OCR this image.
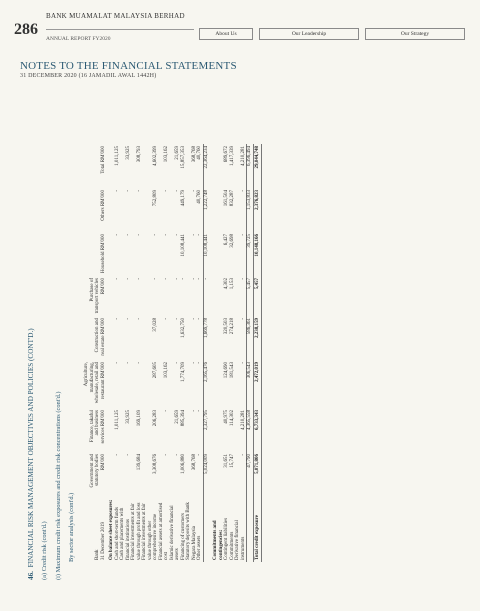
286
BANK MUAMALAT MALAYSIA BERHAD
ANNUAL REPORT FY2020
About Us	Our Leadership	Our Strategy
NOTES TO THE FINANCIAL STATEMENTS
31 DECEMBER 2020 (16 JAMADIL AWAL 1442H)
46.  FINANCIAL RISK MANAGEMENT OBJECTIVES AND POLICIES (CONT'D.) (a) Credit risk (cont'd.) (i) Maximum credit risk exposures and credit risk concentrations (cont'd.) By sector analysis (cont'd.)	Bank 31 December 2019	Government and statutory bodies RM'000	Finance, takaful and business services RM'000	Agriculture, manufacturing, wholesale, retail and restaurant RM'000	Construction and real estate RM'000	Purchase of transport vehicles RM'000	Household RM'000	Others RM'000	Total RM'000
On balance sheet exposures:								
Cash and short-term funds	-	1,011,125	-	-	-	-	-	1,011,125
Cash and placements with financial institutions	-	33,925	-	-	-	-	-	33,925
Financial investments at fair value through profit and loss	139,684	169,109	-	-	-	-	-	308,793
Financial investments at fair value through other comprehensive income	3,308,676	206,283	287,605	37,028	-	-	752,809	4,602,399
Financial assets at amortised cost	-	-	103,162	-	-	-	-	103,162
Islamic derivative financial assets	-	21,659	-	-	-	-	-	21,659
Financing of customers	1,006,880	885,394	1,774,709	1,632,750	-	10,108,441	449,179	15,857,353
Statutory deposits with Bank Negara Malaysia	368,768	-	-	-	-	-	-	368,768
Other assets	-	-	-	-	-	-	40,760	40,760
	5,024,009	2,327,795	2,165,476	1,669,778	-	10,108,441	1,222,748	22,364,234

Commitments and contingencies:								
Contingent liabilities	31,651	40,975	124,690	320,503	4,302	6,427	161,504	689,672
Commitments	15,747	114,302	181,543	274,218	1,153	32,698	832,287	1,417,339
Derivative financial instruments	-	4,210,281	-	-	-	-	-	4,210,281
	47,790	4,365,558	306,543	586,361	5,457	39,725	1,153,833	6,396,494
Total credit exposure	5,071,806	6,733,343	2,472,019	2,238,159	5,457	10,148,166	2,376,823	29,044,748
